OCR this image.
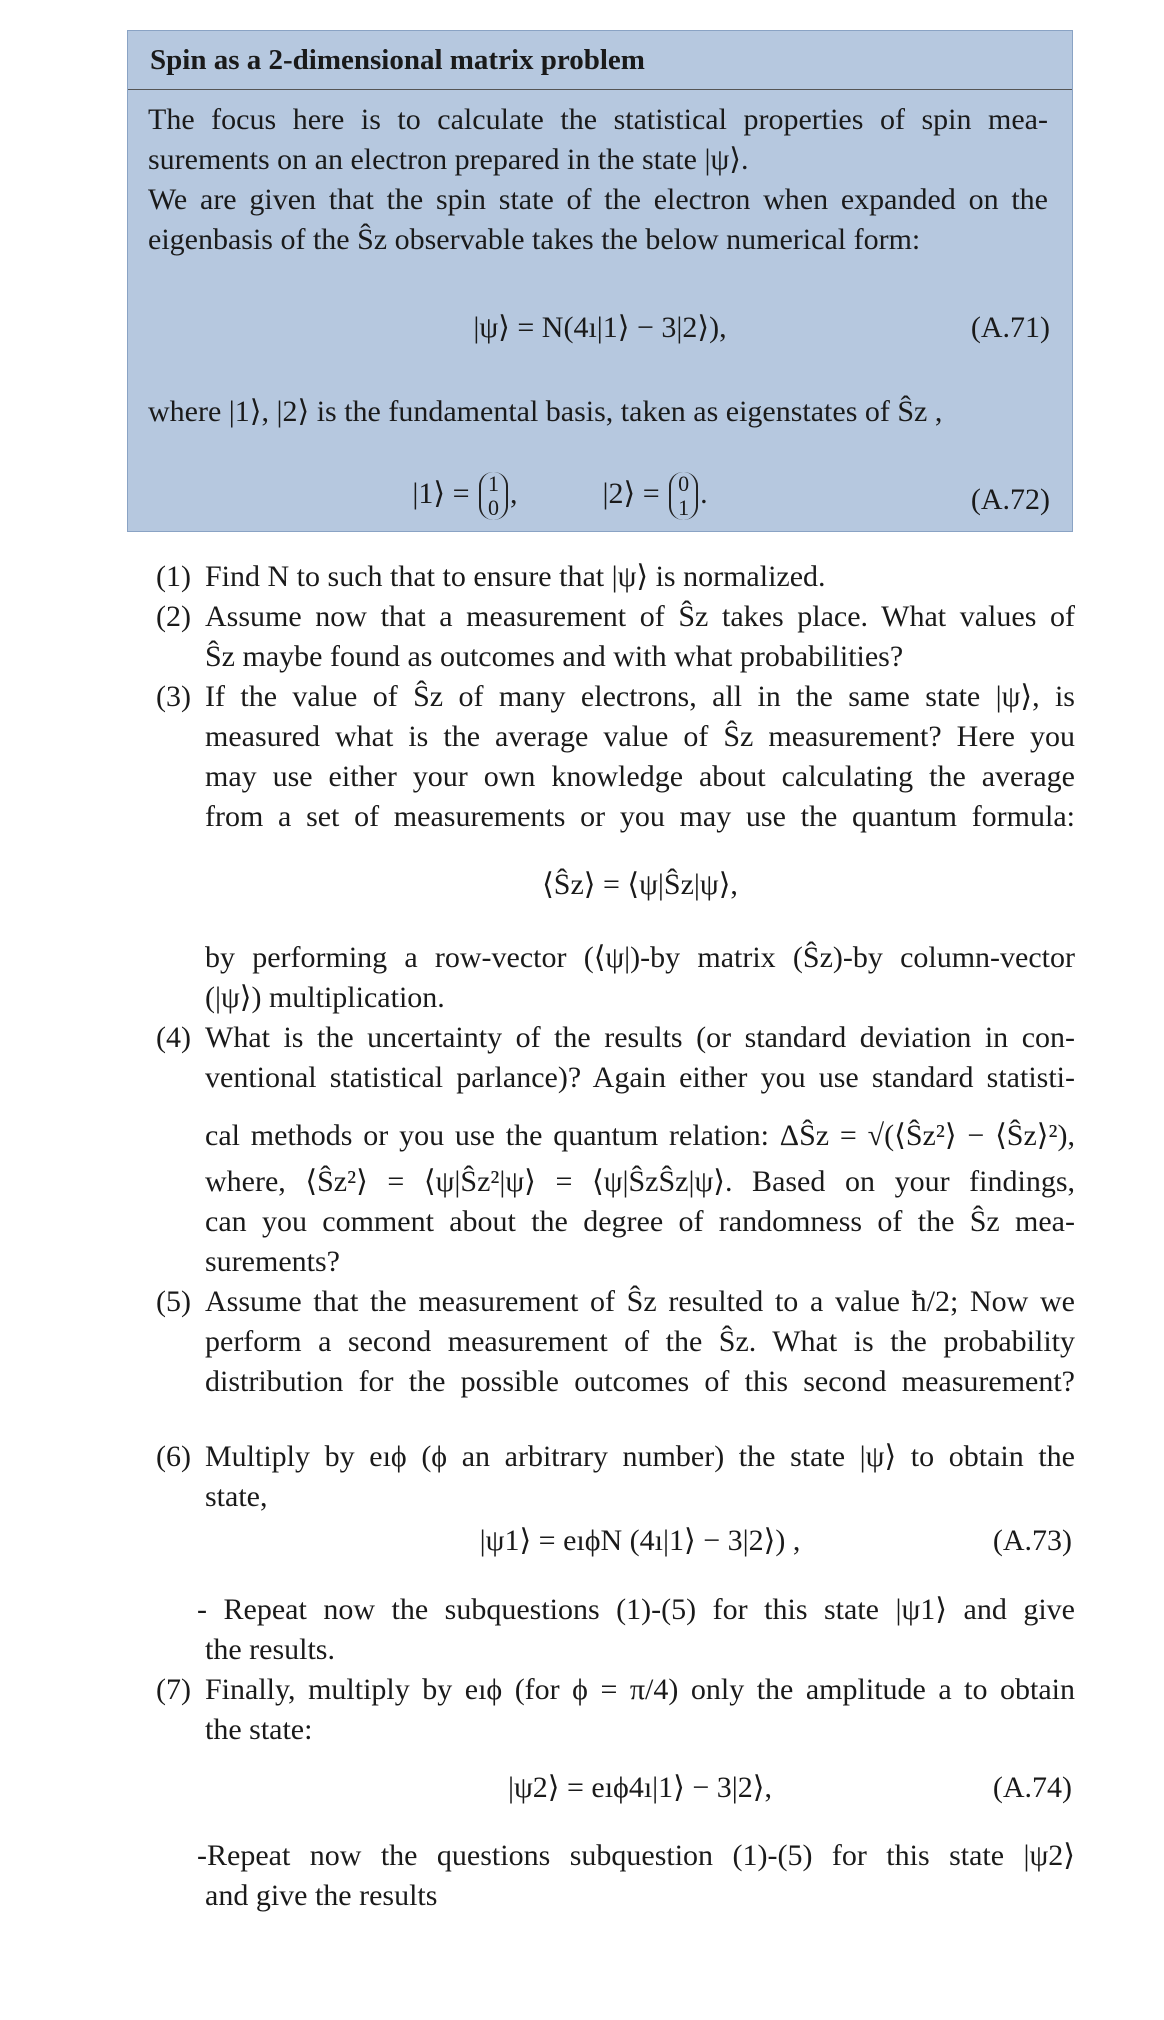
Spin as a 2-dimensional matrix problem
The focus here is to calculate the statistical properties of spin mea-
surements on an electron prepared in the state |ψ⟩.
We are given that the spin state of the electron when expanded on the
eigenbasis of the Ŝz observable takes the below numerical form:
|ψ⟩ = N(4ı|1⟩ − 3|2⟩),	(A.71)
where |1⟩, |2⟩ is the fundamental basis, taken as eigenstates of Ŝz ,
|1⟩ = 1
0 ,	|2⟩ = 0
1 .	(A.72)
(1) Find N to such that to ensure that |ψ⟩ is normalized.
(2) Assume now that a measurement of Ŝz takes place. What values of
Ŝz maybe found as outcomes and with what probabilities?
(3) If the value of Ŝz of many electrons, all in the same state |ψ⟩, is
measured what is the average value of Ŝz measurement? Here you
may use either your own knowledge about calculating the average
from a set of measurements or you may use the quantum formula:
⟨Ŝz⟩ = ⟨ψ|Ŝz|ψ⟩,
by performing a row-vector (⟨ψ|)-by matrix (Ŝz)-by column-vector
(|ψ⟩) multiplication.
(4) What is the uncertainty of the results (or standard deviation in con-
ventional statistical parlance)? Again either you use standard statisti-
cal methods or you use the quantum relation: ΔŜz = √(⟨Ŝz²⟩ − ⟨Ŝz⟩²),
where, ⟨Ŝz²⟩ = ⟨ψ|Ŝz²|ψ⟩ = ⟨ψ|ŜzŜz|ψ⟩. Based on your findings,
can you comment about the degree of randomness of the Ŝz mea-
surements?
(5) Assume that the measurement of Ŝz resulted to a value ħ/2; Now we
perform a second measurement of the Ŝz. What is the probability
distribution for the possible outcomes of this second measurement?
(6) Multiply by eıϕ (ϕ an arbitrary number) the state |ψ⟩ to obtain the
state,
|ψ1⟩ = eıϕN (4ı|1⟩ − 3|2⟩) ,	(A.73)
- Repeat now the subquestions (1)-(5) for this state |ψ1⟩ and give
the results.
(7) Finally, multiply by eıϕ (for ϕ = π/4) only the amplitude a to obtain
the state:
|ψ2⟩ = eıϕ4ı|1⟩ − 3|2⟩,	(A.74)
-Repeat now the questions subquestion (1)-(5) for this state |ψ2⟩
and give the results
